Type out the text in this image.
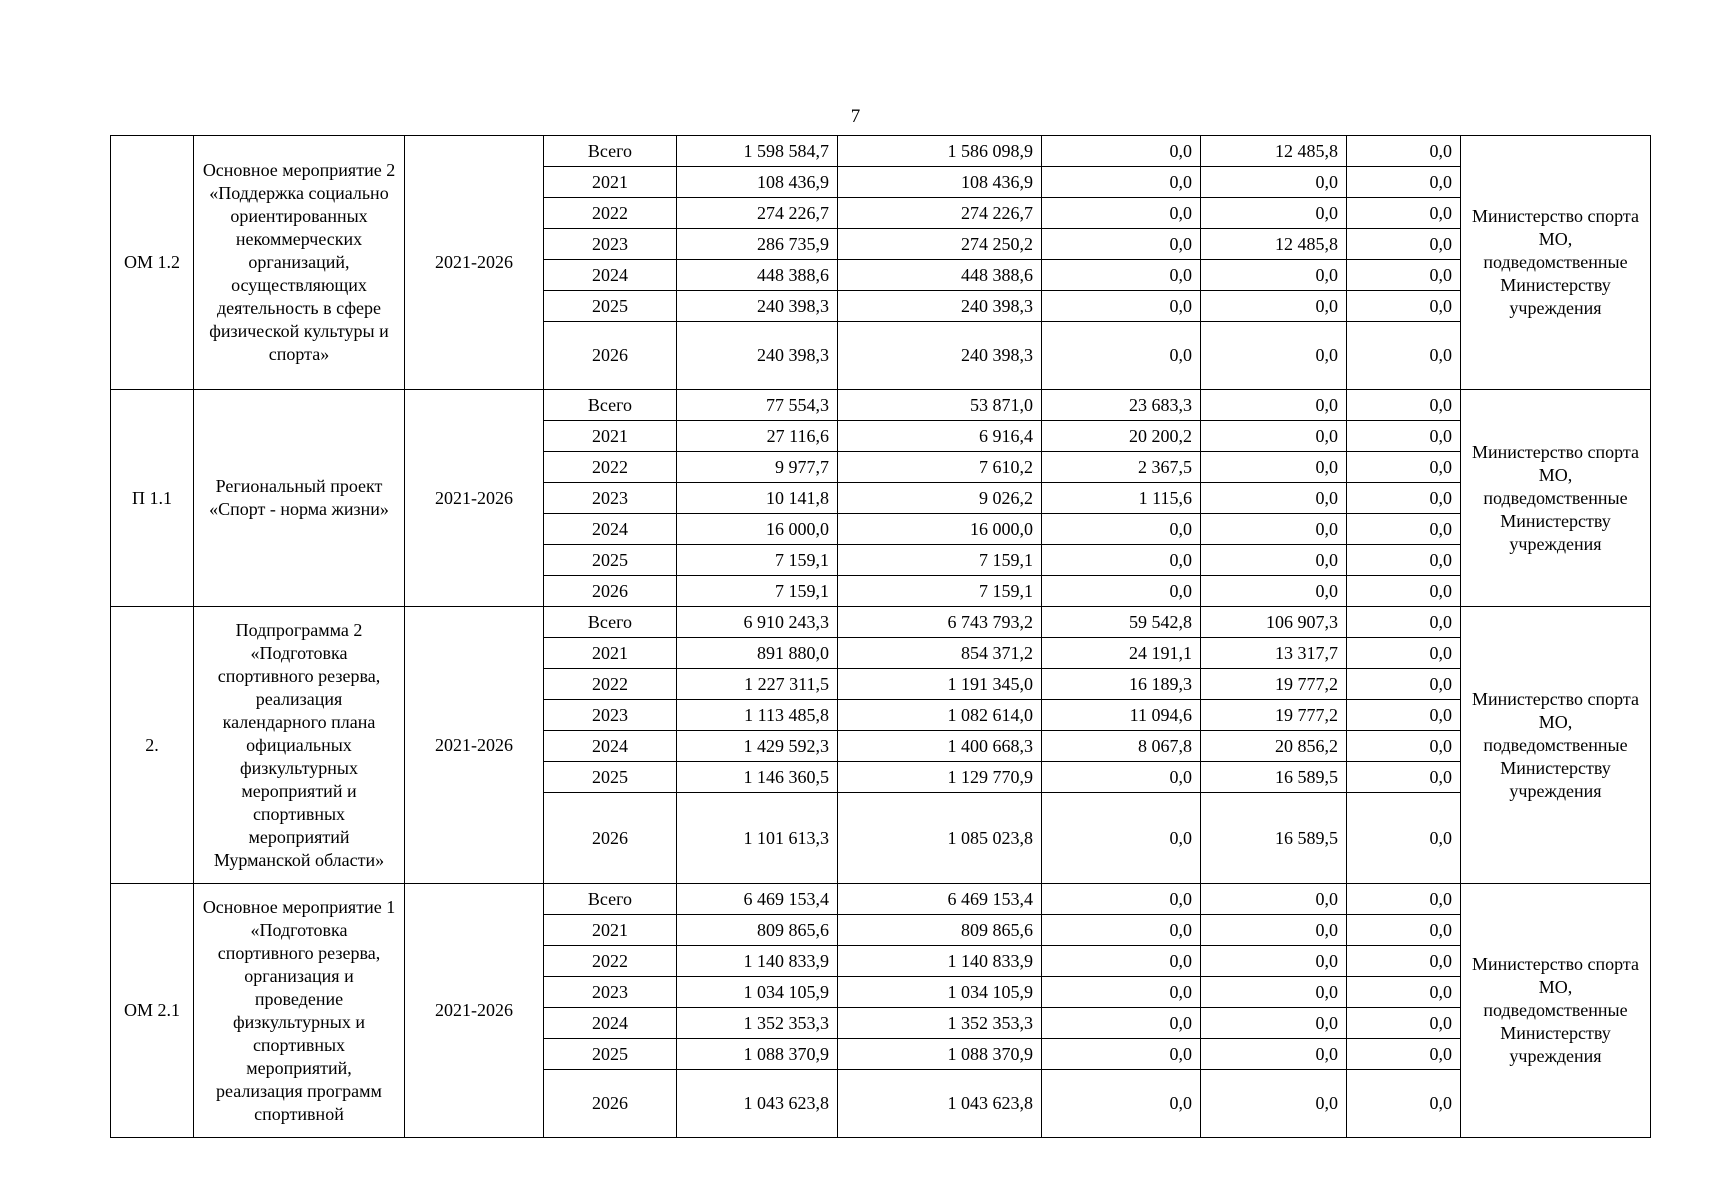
7
ОМ 1.2	Основное мероприятие 2 «Поддержка социально ориентированных некоммерческих организаций, осуществляющих деятельность в сфере физической культуры и спорта»	2021-2026	Всего	1 598 584,7	1 586 098,9	0,0	12 485,8	0,0	Министерство спорта МО, подведомственные Министерству учреждения
			2021	108 436,9	108 436,9	0,0	0,0	0,0	
			2022	274 226,7	274 226,7	0,0	0,0	0,0	
			2023	286 735,9	274 250,2	0,0	12 485,8	0,0	
			2024	448 388,6	448 388,6	0,0	0,0	0,0	
			2025	240 398,3	240 398,3	0,0	0,0	0,0	
			2026	240 398,3	240 398,3	0,0	0,0	0,0	
П 1.1	Региональный проект «Спорт - норма жизни»	2021-2026	Всего	77 554,3	53 871,0	23 683,3	0,0	0,0	Министерство спорта МО, подведомственные Министерству учреждения
			2021	27 116,6	6 916,4	20 200,2	0,0	0,0	
			2022	9 977,7	7 610,2	2 367,5	0,0	0,0	
			2023	10 141,8	9 026,2	1 115,6	0,0	0,0	
			2024	16 000,0	16 000,0	0,0	0,0	0,0	
			2025	7 159,1	7 159,1	0,0	0,0	0,0	
			2026	7 159,1	7 159,1	0,0	0,0	0,0	
2.	Подпрограмма 2 «Подготовка спортивного резерва, реализация календарного плана официальных физкультурных мероприятий и спортивных мероприятий Мурманской области»	2021-2026	Всего	6 910 243,3	6 743 793,2	59 542,8	106 907,3	0,0	Министерство спорта МО, подведомственные Министерству учреждения
			2021	891 880,0	854 371,2	24 191,1	13 317,7	0,0	
			2022	1 227 311,5	1 191 345,0	16 189,3	19 777,2	0,0	
			2023	1 113 485,8	1 082 614,0	11 094,6	19 777,2	0,0	
			2024	1 429 592,3	1 400 668,3	8 067,8	20 856,2	0,0	
			2025	1 146 360,5	1 129 770,9	0,0	16 589,5	0,0	
			2026	1 101 613,3	1 085 023,8	0,0	16 589,5	0,0	
ОМ 2.1	Основное мероприятие 1 «Подготовка спортивного резерва, организация и проведение физкультурных и спортивных мероприятий, реализация программ спортивной	2021-2026	Всего	6 469 153,4	6 469 153,4	0,0	0,0	0,0	Министерство спорта МО, подведомственные Министерству учреждения
			2021	809 865,6	809 865,6	0,0	0,0	0,0	
			2022	1 140 833,9	1 140 833,9	0,0	0,0	0,0	
			2023	1 034 105,9	1 034 105,9	0,0	0,0	0,0	
			2024	1 352 353,3	1 352 353,3	0,0	0,0	0,0	
			2025	1 088 370,9	1 088 370,9	0,0	0,0	0,0	
			2026	1 043 623,8	1 043 623,8	0,0	0,0	0,0	
